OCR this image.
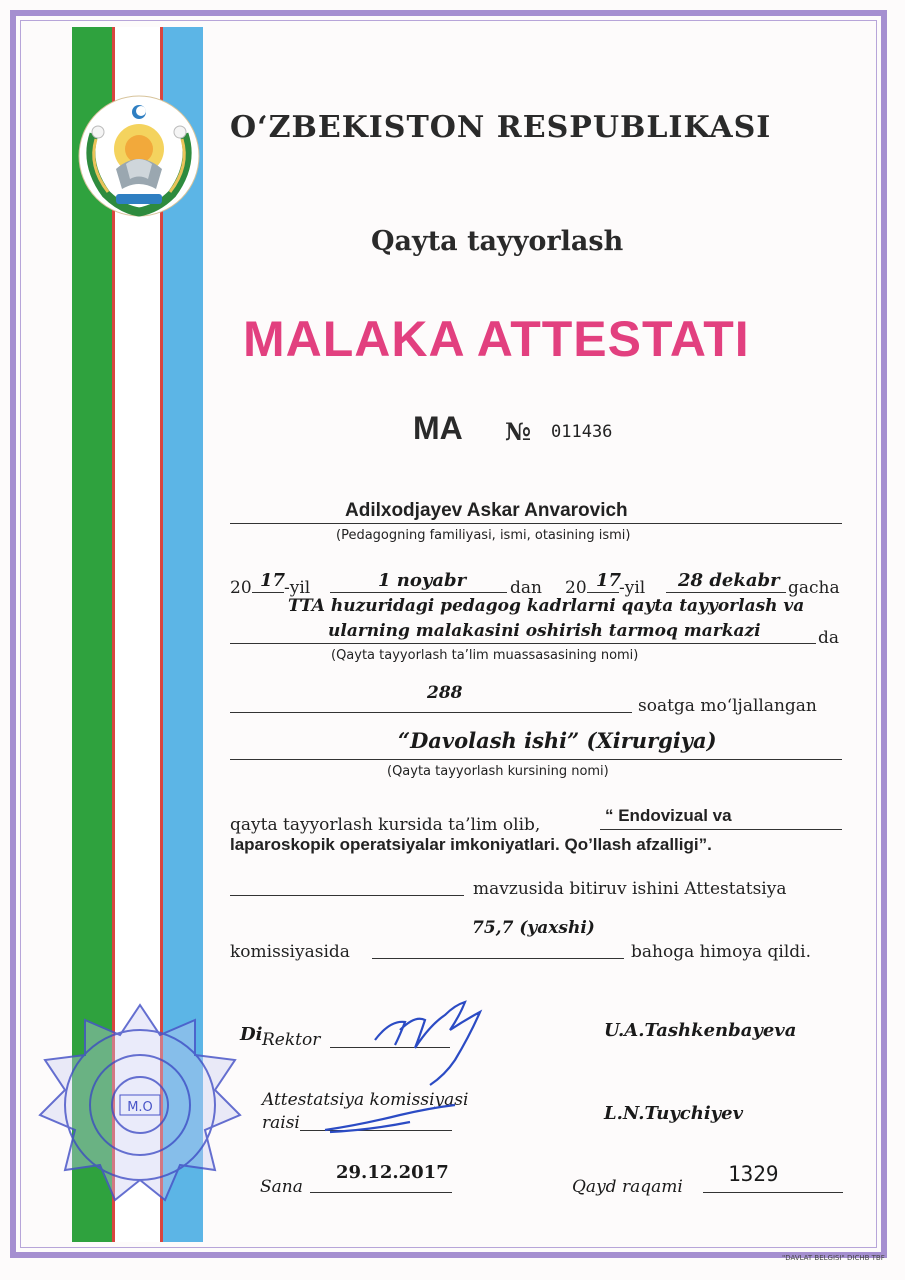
O‘ZBEKISTON RESPUBLIKASI
Qayta tayyorlash
MALAKA ATTESTATI
MA № 011436
Adilxodjayev Askar Anvarovich
(Pedagogning familiyasi, ismi, otasining ismi)
20 17
-yil	1 noyabr	dan 20 17
-yil 28 dekabr gacha
TTA huzuridagi pedagog kadrlarni qayta tayyorlash va
ularning malakasini oshirish tarmoq markazi	da
(Qayta tayyorlash ta’lim muassasasining nomi)
288
soatga mo‘ljallangan
“Davolash ishi” (Xirurgiya)
(Qayta tayyorlash kursining nomi)
qayta tayyorlash kursida ta’lim olib,	“ Endovizual va
laparoskopik operatsiyalar imkoniyatlari. Qo’llash afzalligi”.
mavzusida bitiruv ishini Attestatsiya
75,7 (yaxshi)
komissiyasida	bahoga himoya qildi.
M.O
Di Rektor	U.A.Tashkenbayeva
Attestatsiya komissiyasi
raisi	L.N.Tuychiyev
Sana
29.12.2017
Qayd raqami
1329
"DAVLAT BELGISI" DICHB TBF
